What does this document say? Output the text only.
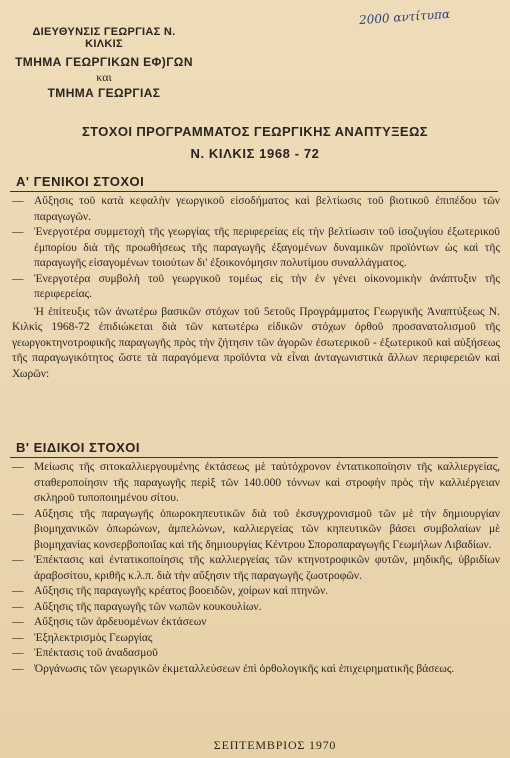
ΔΙΕΥΘΥΝΣΙΣ ΓΕΩΡΓΙΑΣ Ν. ΚΙΛΚΙΣ
ΤΜΗΜΑ ΓΕΩΡΓΙΚΩΝ ΕΦ)ΓΩΝ
και
ΤΜΗΜΑ ΓΕΩΡΓΙΑΣ
2000 αντίτυπα
ΣΤΟΧΟΙ ΠΡΟΓΡΑΜΜΑΤΟΣ ΓΕΩΡΓΙΚΗΣ ΑΝΑΠΤΥΞΕΩΣ
Ν. ΚΙΛΚΙΣ 1968 - 72
Α' ΓΕΝΙΚΟΙ ΣΤΟΧΟΙ
— Αὔξησις τοῦ κατὰ κεφαλὴν γεωργικοῦ εἰσοδήματος καὶ βελτίωσις τοῦ βιοτικοῦ ἐπιπέδου τῶν παραγωγῶν.
— Ἐνεργοτέρα συμμετοχὴ τῆς γεωργίας τῆς περιφερείας εἰς τὴν βελτίωσιν τοῦ ἰσοζυγίου ἐξωτερικοῦ ἐμπορίου διὰ τῆς προωθήσεως τῆς παραγωγῆς ἐξαγομένων δυναμικῶν προϊόντων ὡς καὶ τῆς παραγωγῆς εἰσαγομένων τοιούτων δι' ἐξοικονόμησιν πολυτίμου συναλλάγματος.
— Ἐνεργοτέρα συμβολὴ τοῦ γεωργικοῦ τομέως εἰς τὴν ἐν γένει οἰκονομικὴν ἀνάπτυξιν τῆς περιφερείας.

Ἡ ἐπίτευξις τῶν ἀνωτέρω βασικῶν στόχων τοῦ 5ετοῦς Προγράμματος Γεωργικῆς Ἀναπτύξεως Ν. Κιλκὶς 1968-72 ἐπιδιώκεται διὰ τῶν κατωτέρω εἰδικῶν στόχων ὀρθοῦ προσανατολισμοῦ τῆς γεωργοκτηνοτροφικῆς παραγωγῆς πρὸς τὴν ζήτησιν τῶν ἀγορῶν ἐσωτερικοῦ - ἐξωτερικοῦ καὶ αὐξήσεως τῆς παραγωγικότητος ὥστε τὰ παραγόμενα προϊόντα νὰ εἶναι ἀνταγωνιστικὰ ἄλλων περιφερειῶν καὶ Χωρῶν:

Β' ΕΙΔΙΚΟΙ ΣΤΟΧΟΙ
— Μείωσις τῆς σιτοκαλλιεργουμένης ἐκτάσεως μὲ ταὐτόχρονον ἐντατικοποίησιν τῆς καλλιεργείας, σταθεροποίησιν τῆς παραγωγῆς περὶξ τῶν 140.000 τόννων καὶ στροφὴν πρὸς τὴν καλλιέργειαν σκληροῦ τυποποιημένου σίτου.
— Αὔξησις τῆς παραγωγῆς ὀπωροκηπευτικῶν διὰ τοῦ ἐκσυγχρονισμοῦ τῶν μὲ τὴν δημιουργίαν βιομηχανικῶν ὀπωρώνων, ἀμπελώνων, καλλιεργείας τῶν κηπευτικῶν βάσει συμβολαίων μὲ βιομηχανίας κονσερβοποιΐας καὶ τῆς δημιουργίας Κέντρου Σποροπαραγωγῆς Γεωμήλων Λιβαδίων.
— Ἐπέκτασις καὶ ἐντατικοποίησις τῆς καλλιεργείας τῶν κτηνοτροφικῶν φυτῶν, μηδικῆς, ὑβριδίων ἀραβοσίτου, κριθῆς κ.λ.π. διὰ τὴν αὔξησιν τῆς παραγωγῆς ζωοτροφῶν.
— Αὔξησις τῆς παραγωγῆς κρέατος βοοειδῶν, χοίρων καὶ πτηνῶν.
— Αὔξησις τῆς παραγωγῆς τῶν νωπῶν κουκουλίων.
— Αὔξησις τῶν ἀρδευομένων ἐκτάσεων
— Ἐξηλεκτρισμὸς Γεωργίας
— Ἐπέκτασις τοῦ ἀναδασμοῦ
— Ὀργάνωσις τῶν γεωργικῶν ἐκμεταλλεύσεων ἐπὶ ὀρθολογικῆς καὶ ἐπιχειρηματικῆς βάσεως.
ΣΕΠΤΕΜΒΡΙΟΣ 1970
